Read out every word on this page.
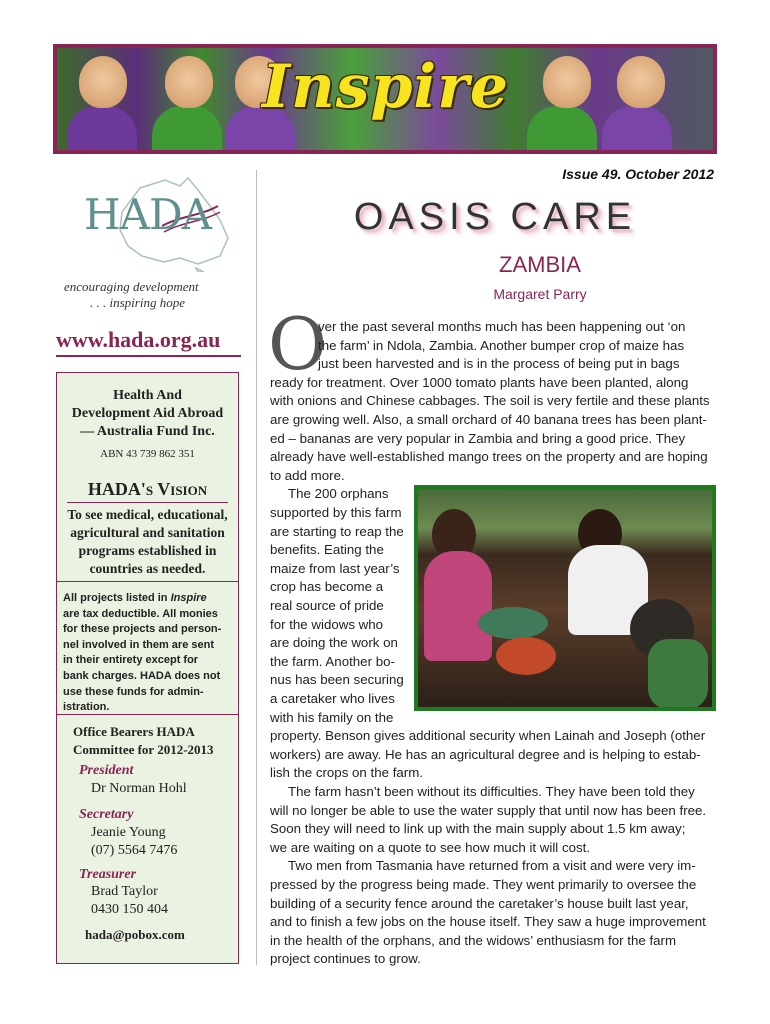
Inspire
Issue 49. October 2012
HADA
encouraging development
. . . inspiring hope
www.hada.org.au
Health And
Development Aid Abroad
— Australia Fund Inc.
ABN 43 739 862 351
HADA's Vision
To see medical, educational,
agricultural and sanitation
programs established in
countries as needed.
All projects listed in Inspire
are tax deductible. All monies
for these projects and person-
nel involved in them are sent
in their entirety except for
bank charges. HADA does not
use these funds for admin-
istration.
Office Bearers HADA
Committee for 2012-2013
President
Dr Norman Hohl
Secretary
Jeanie Young
(07) 5564 7476
Treasurer
Brad Taylor
0430 150 404
hada@pobox.com
OASIS CARE
ZAMBIA
Margaret Parry
O
ver the past several months much has been happening out ‘on
the farm’ in Ndola, Zambia. Another bumper crop of maize has
just been harvested and is in the process of being put in bags
ready for treatment. Over 1000 tomato plants have been planted, along
with onions and Chinese cabbages. The soil is very fertile and these plants
are growing well. Also, a small orchard of 40 banana trees has been plant-
ed – bananas are very popular in Zambia and bring a good price. They
already have well-established mango trees on the property and are hoping
to add more.
The 200 orphans
supported by this farm
are starting to reap the
benefits. Eating the
maize from last year’s
crop has become a
real source of pride
for the widows who
are doing the work on
the farm. Another bo-
nus has been securing
a caretaker who lives
with his family on the
property. Benson gives additional security when Lainah and Joseph (other
workers) are away. He has an agricultural degree and is helping to estab-
lish the crops on the farm.
The farm hasn’t been without its difficulties. They have been told they
will no longer be able to use the water supply that until now has been free.
Soon they will need to link up with the main supply about 1.5 km away;
we are waiting on a quote to see how much it will cost.
Two men from Tasmania have returned from a visit and were very im-
pressed by the progress being made. They went primarily to oversee the
building of a security fence around the caretaker’s house built last year,
and to finish a few jobs on the house itself. They saw a huge improvement
in the health of the orphans, and the widows’ enthusiasm for the farm
project continues to grow.
